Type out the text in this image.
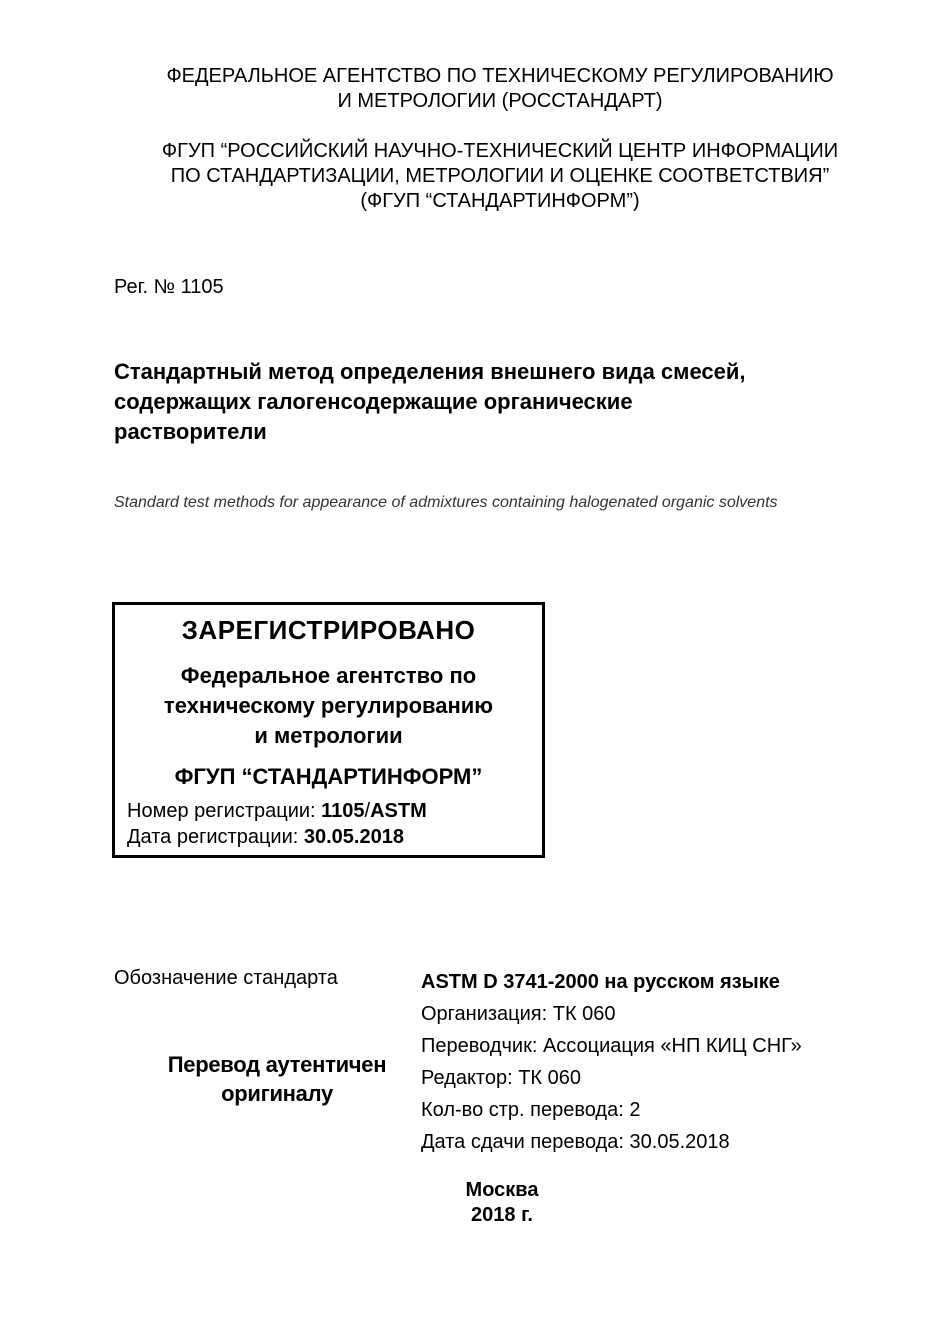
ФЕДЕРАЛЬНОЕ АГЕНТСТВО ПО ТЕХНИЧЕСКОМУ РЕГУЛИРОВАНИЮ
И МЕТРОЛОГИИ (РОССТАНДАРТ)
ФГУП “РОССИЙСКИЙ НАУЧНО-ТЕХНИЧЕСКИЙ ЦЕНТР ИНФОРМАЦИИ
ПО СТАНДАРТИЗАЦИИ, МЕТРОЛОГИИ И ОЦЕНКЕ СООТВЕТСТВИЯ”
(ФГУП “СТАНДАРТИНФОРМ”)
Рег. № 1105
Стандартный метод определения внешнего вида смесей,
содержащих галогенсодержащие органические
растворители
Standard test methods for appearance of admixtures containing halogenated organic solvents
ЗАРЕГИСТРИРОВАНО
Федеральное агентство по
техническому регулированию
и метрологии
ФГУП “СТАНДАРТИНФОРМ”
Номер регистрации: 1105/ASTM
Дата регистрации: 30.05.2018
Обозначение стандарта
Перевод аутентичен
оригиналу
ASTM D 3741-2000 на русском языке
Организация: ТК 060
Переводчик: Ассоциация «НП КИЦ СНГ»
Редактор: ТК 060
Кол-во стр. перевода: 2
Дата сдачи перевода: 30.05.2018
Москва
2018 г.
